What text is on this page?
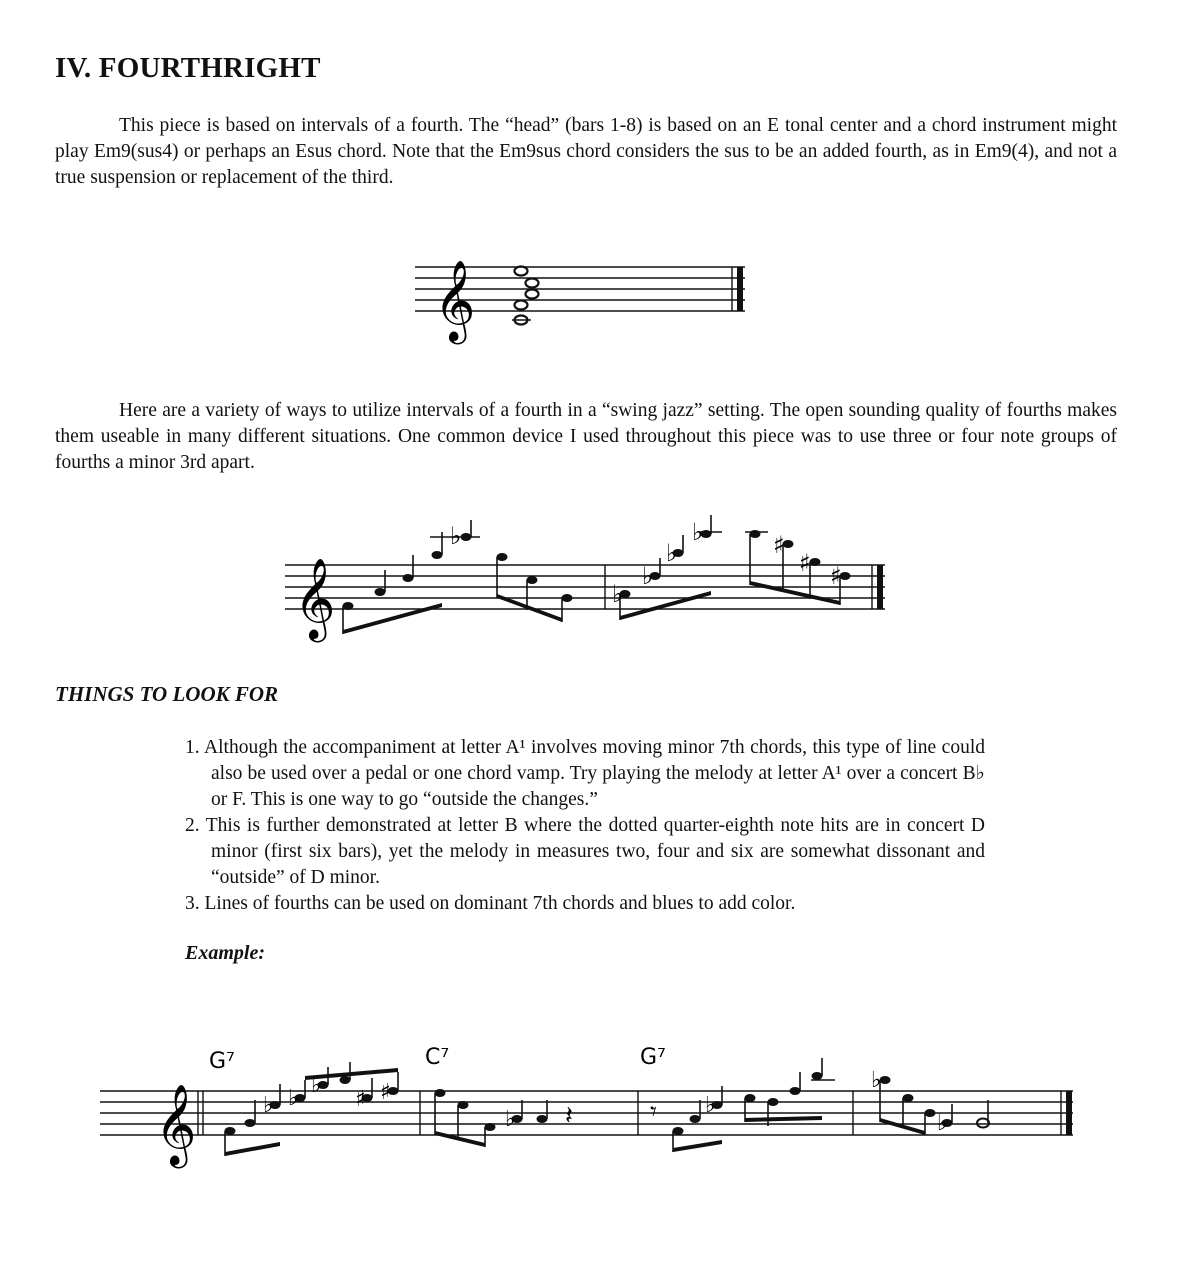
IV. FOURTHRIGHT

This piece is based on intervals of a fourth. The “head” (bars 1-8) is based on an E tonal center and a chord instrument might play Em9(sus4) or perhaps an Esus chord. Note that the Em9sus chord considers the sus to be an added fourth, as in Em9(4), and not a true suspension or replacement of the third.

𝄞

Here are a variety of ways to utilize intervals of a fourth in a “swing jazz” setting. The open sounding quality of fourths makes them useable in many different situations. One common device I used throughout this piece was to use three or four note groups of fourths a minor 3rd apart.

𝄞
♭
♭
♭
♭
♭	♯
♯ ♯
THINGS TO LOOK FOR
1. Although the accompaniment at letter A¹ involves moving minor 7th chords, this type of line could also be used over a pedal or one chord vamp. Try playing the melody at letter A¹ over a concert B♭ or F. This is one way to go “outside the changes.”
2. This is further demonstrated at letter B where the dotted quarter-eighth note hits are in concert D minor (first six bars), yet the melody in measures two, four and six are somewhat dissonant and “outside” of D minor.
3. Lines of fourths can be used on dominant 7th chords and blues to add color.

Example:

𝄞
G⁷	C⁷	G⁷
♭ ♭
♭
♯ ♯
♭
♭
♭
♭
𝄽	𝄾
